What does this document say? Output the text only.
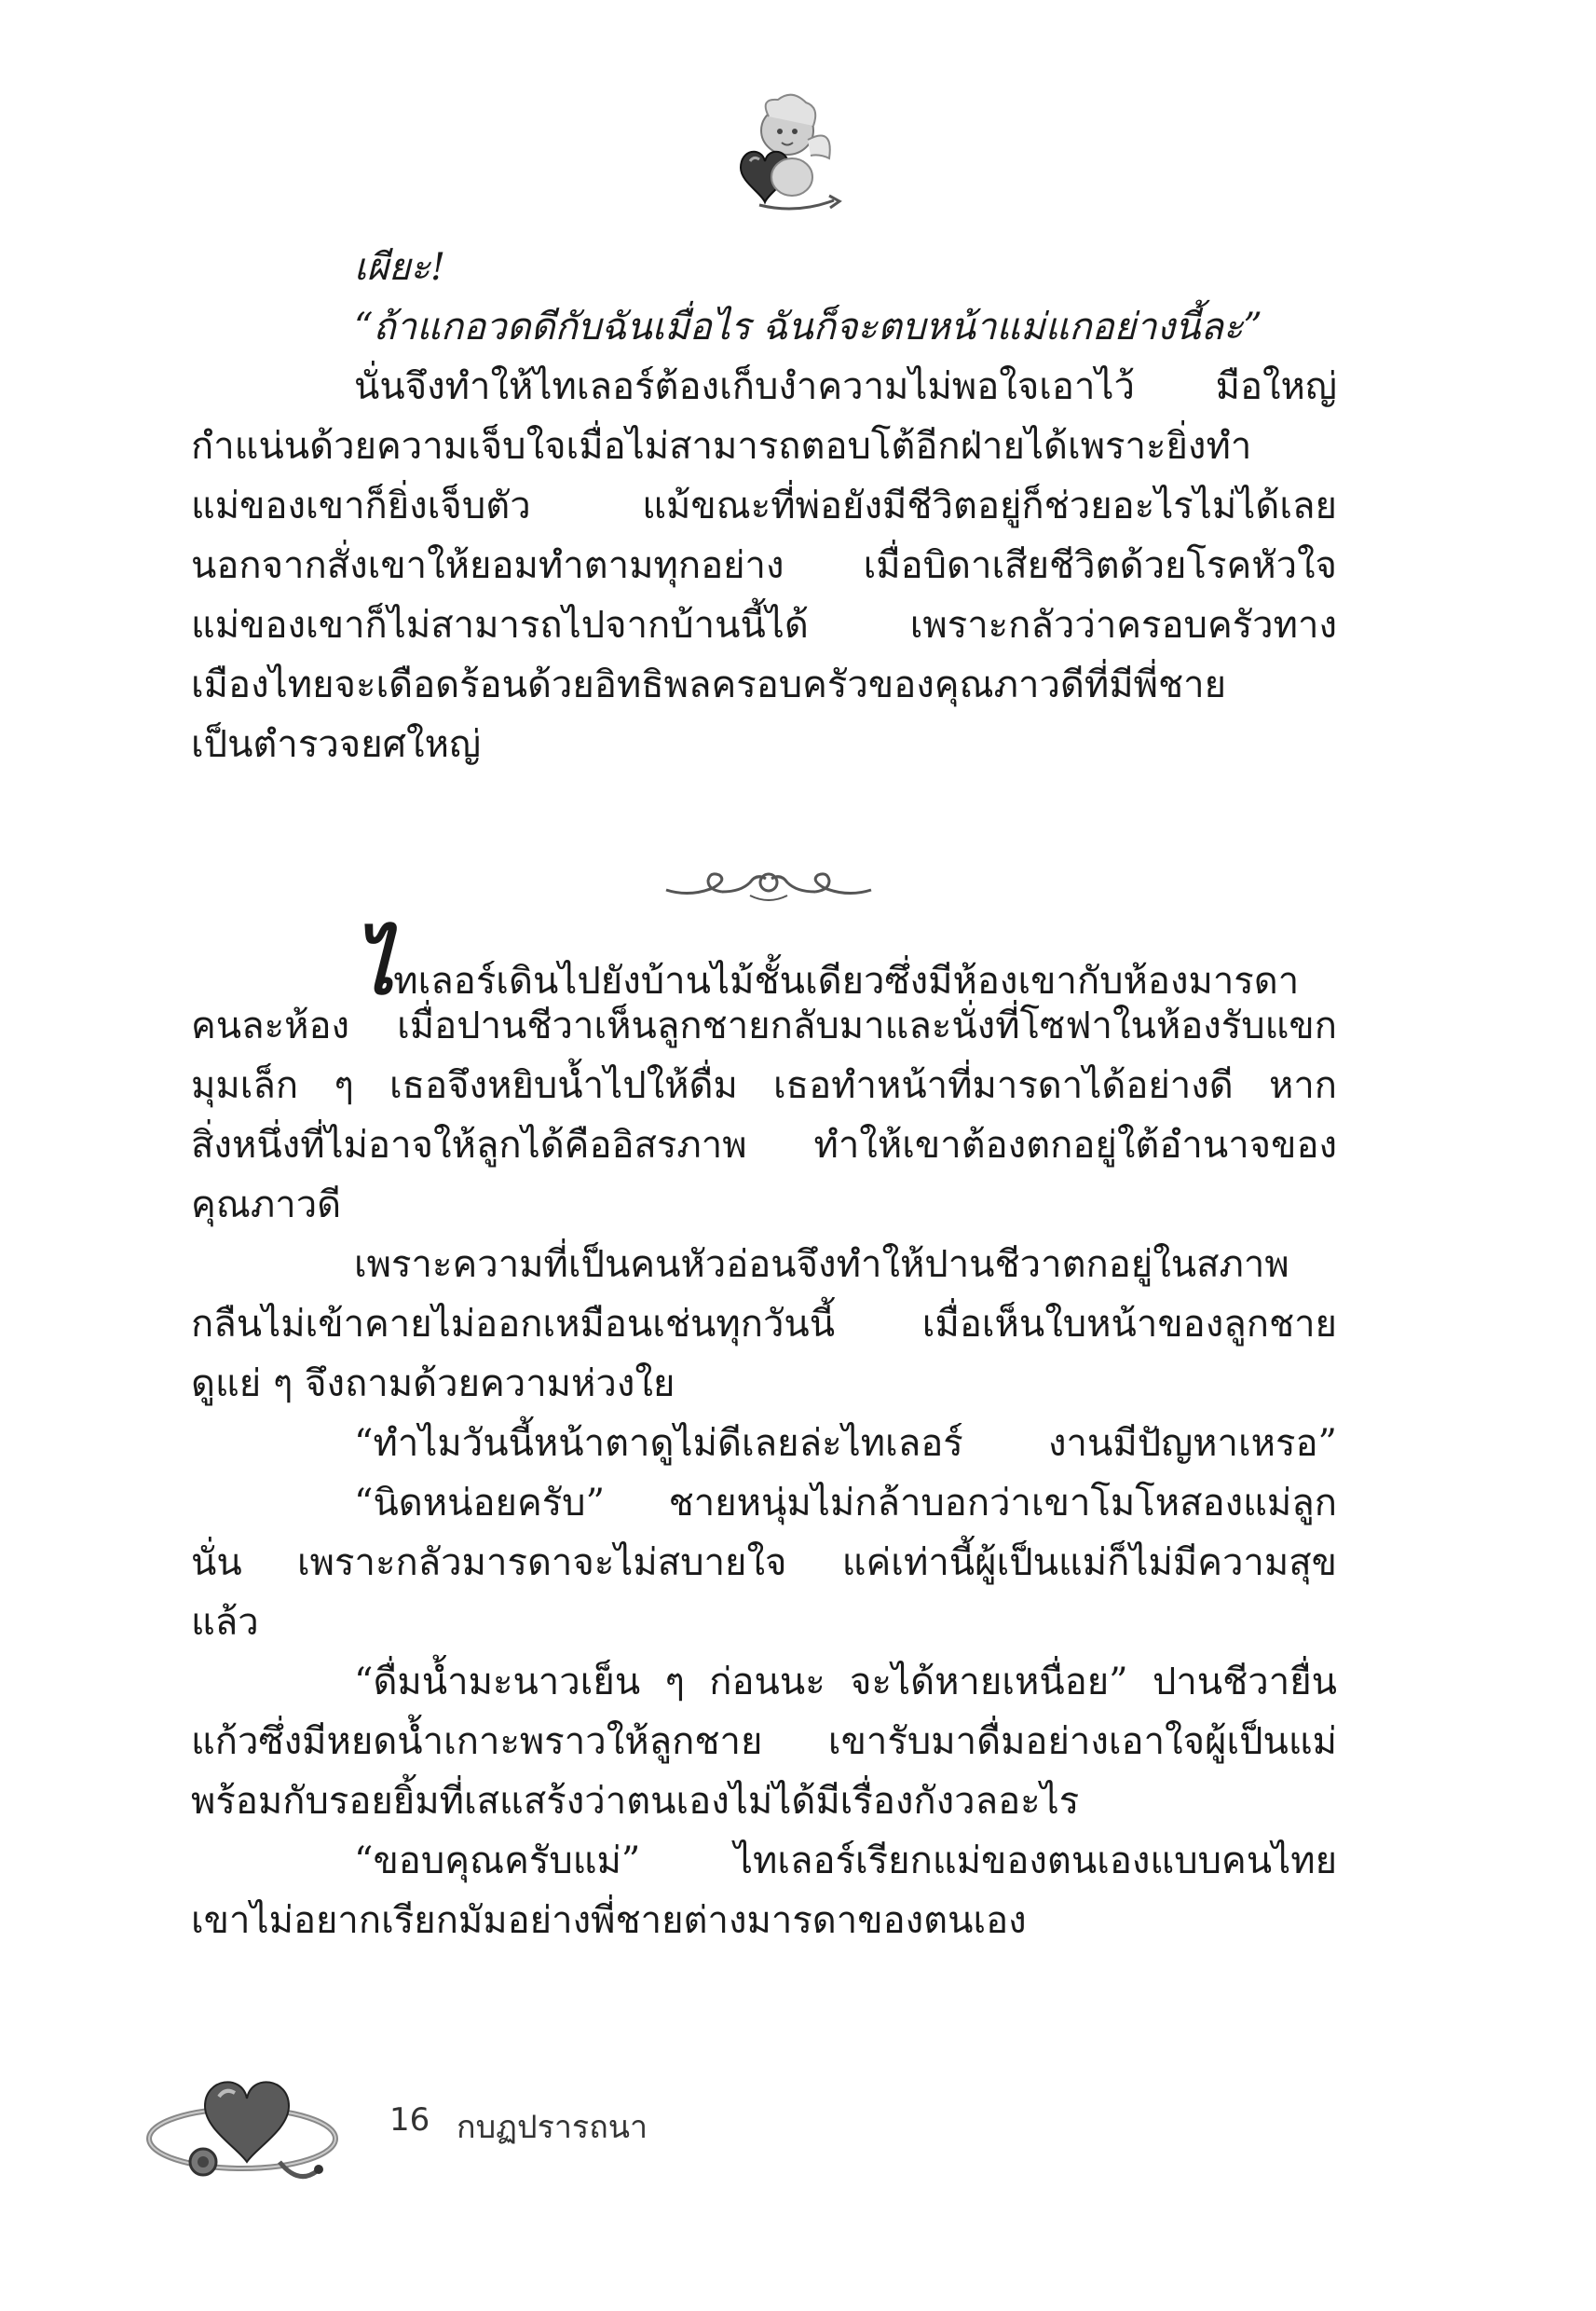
เผียะ!
“ถ้าแกอวดดีกับฉันเมื่อไร ฉันก็จะตบหน้าแม่แกอย่างนี้ละ”
นั่นจึงทำให้ไทเลอร์ต้องเก็บงำความไม่พอใจเอาไว้ มือใหญ่
กำแน่นด้วยความเจ็บใจเมื่อไม่สามารถตอบโต้อีกฝ่ายได้เพราะยิ่งทำ
แม่ของเขาก็ยิ่งเจ็บตัว แม้ขณะที่พ่อยังมีชีวิตอยู่ก็ช่วยอะไรไม่ได้เลย
นอกจากสั่งเขาให้ยอมทำตามทุกอย่าง เมื่อบิดาเสียชีวิตด้วยโรคหัวใจ
แม่ของเขาก็ไม่สามารถไปจากบ้านนี้ได้ เพราะกลัวว่าครอบครัวทาง
เมืองไทยจะเดือดร้อนด้วยอิทธิพลครอบครัวของคุณภาวดีที่มีพี่ชาย
เป็นตำรวจยศใหญ่
ไทเลอร์เดินไปยังบ้านไม้ชั้นเดียวซึ่งมีห้องเขากับห้องมารดา
คนละห้อง เมื่อปานชีวาเห็นลูกชายกลับมาและนั่งที่โซฟาในห้องรับแขก
มุมเล็ก ๆ เธอจึงหยิบน้ำไปให้ดื่ม เธอทำหน้าที่มารดาได้อย่างดี หาก
สิ่งหนึ่งที่ไม่อาจให้ลูกได้คืออิสรภาพ ทำให้เขาต้องตกอยู่ใต้อำนาจของ
คุณภาวดี
เพราะความที่เป็นคนหัวอ่อนจึงทำให้ปานชีวาตกอยู่ในสภาพ
กลืนไม่เข้าคายไม่ออกเหมือนเช่นทุกวันนี้ เมื่อเห็นใบหน้าของลูกชาย
ดูแย่ ๆ จึงถามด้วยความห่วงใย
“ทำไมวันนี้หน้าตาดูไม่ดีเลยล่ะไทเลอร์ งานมีปัญหาเหรอ”
“นิดหน่อยครับ” ชายหนุ่มไม่กล้าบอกว่าเขาโมโหสองแม่ลูก
นั่น เพราะกลัวมารดาจะไม่สบายใจ แค่เท่านี้ผู้เป็นแม่ก็ไม่มีความสุข
แล้ว
“ดื่มน้ำมะนาวเย็น ๆ ก่อนนะ จะได้หายเหนื่อย” ปานชีวายื่น
แก้วซึ่งมีหยดน้ำเกาะพราวให้ลูกชาย เขารับมาดื่มอย่างเอาใจผู้เป็นแม่
พร้อมกับรอยยิ้มที่เสแสร้งว่าตนเองไม่ได้มีเรื่องกังวลอะไร
“ขอบคุณครับแม่” ไทเลอร์เรียกแม่ของตนเองแบบคนไทย
เขาไม่อยากเรียกมัมอย่างพี่ชายต่างมารดาของตนเอง
16 กบฏปรารถนา
